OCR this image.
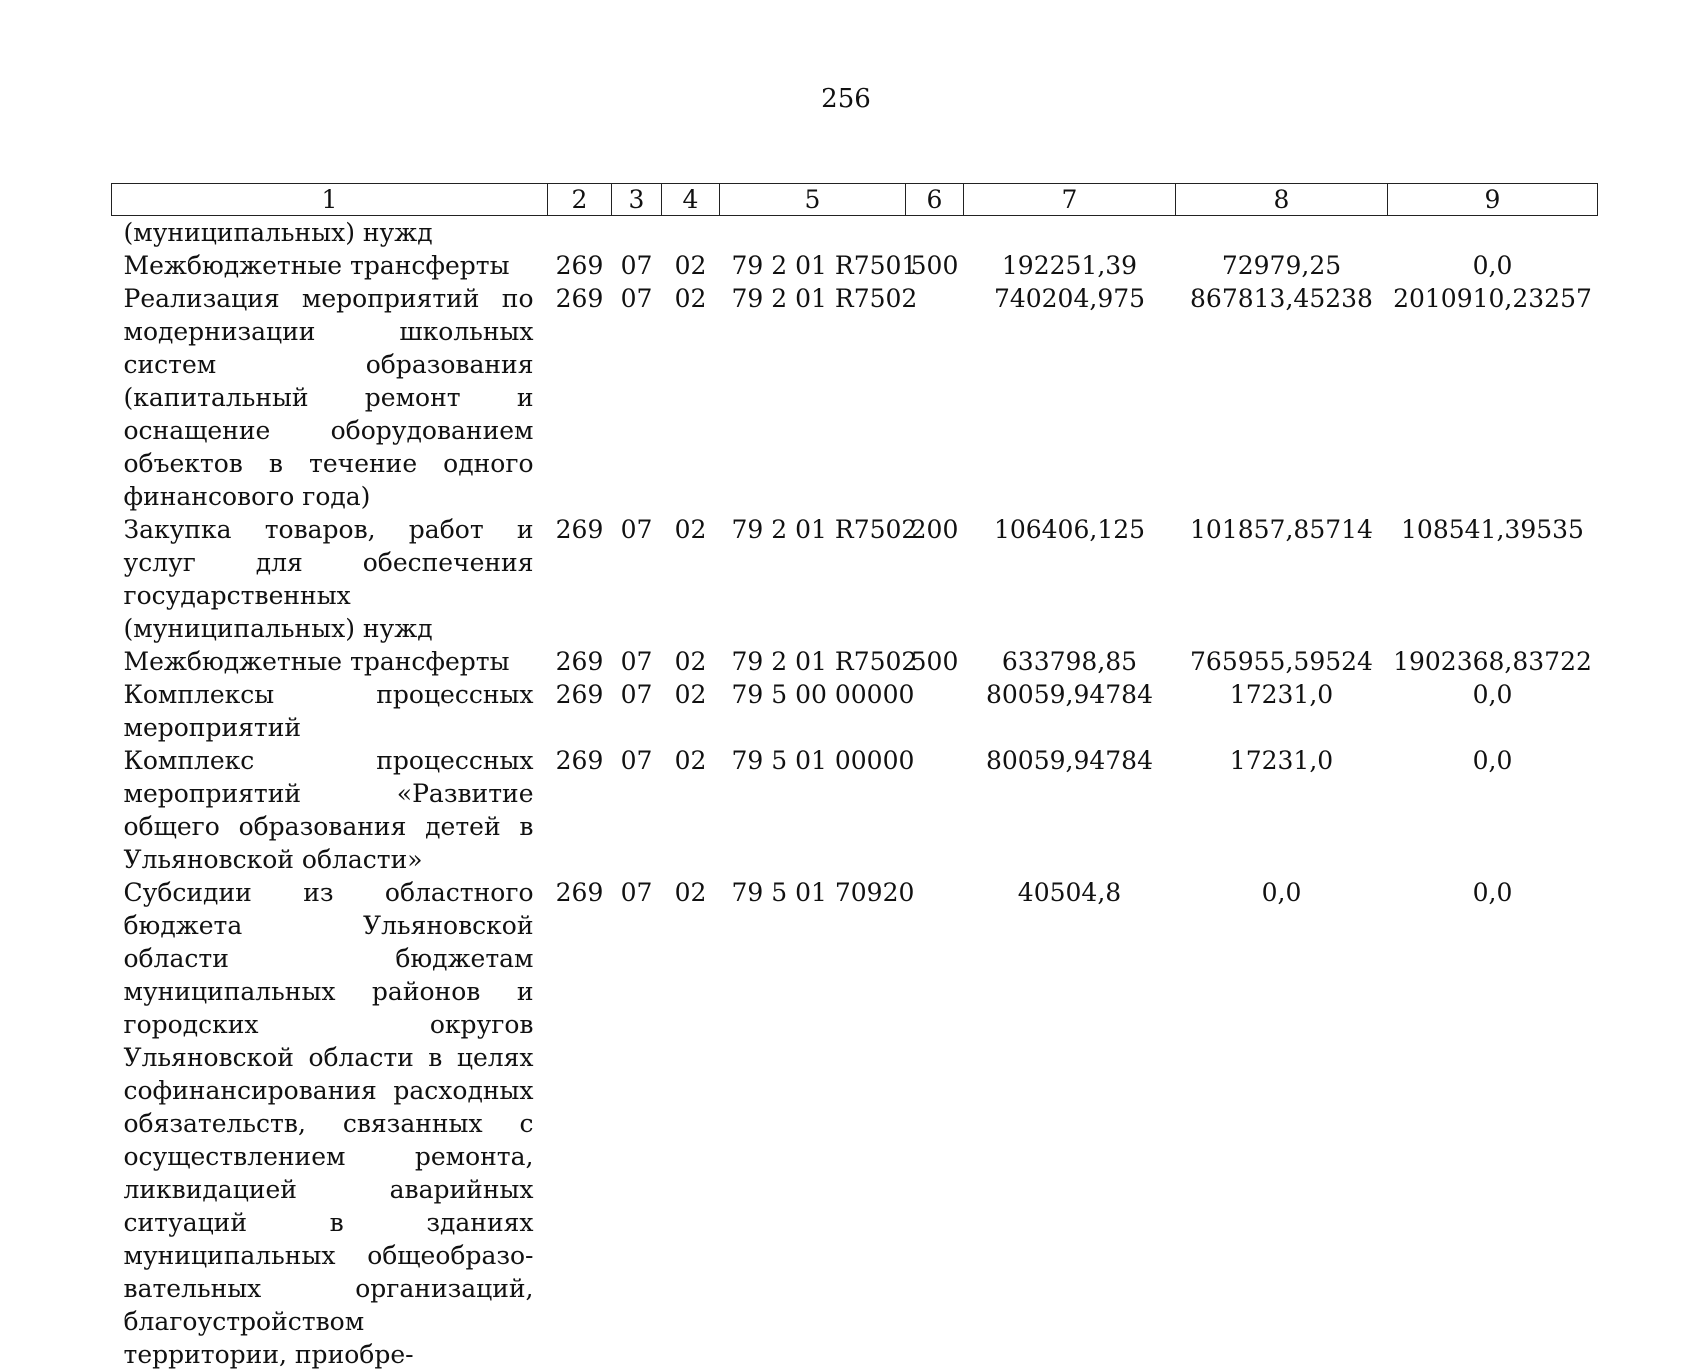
256
1	2	3	4	5	6	7	8	9
(муниципальных) нужд								
Межбюджетные трансферты	269	07	02	79 2 01 R7501	500	192251,39	72979,25	0,0
Реализация мероприятий по модернизации школьных систем образования (капитальный ремонт и оснащение оборудованием объектов в течение одного финансового года)	269	07	02	79 2 01 R7502		740204,975	867813,45238	2010910,23257
Закупка товаров, работ и услуг для обеспечения государственных (муниципальных) нужд	269	07	02	79 2 01 R7502	200	106406,125	101857,85714	108541,39535
Межбюджетные трансферты	269	07	02	79 2 01 R7502	500	633798,85	765955,59524	1902368,83722
Комплексы процессных мероприятий	269	07	02	79 5 00 00000		80059,94784	17231,0	0,0
Комплекс процессных мероприятий «Развитие общего образования детей в Ульяновской области»	269	07	02	79 5 01 00000		80059,94784	17231,0	0,0
Субсидии из областного бюджета Ульяновской области бюджетам муниципальных районов и городских округов Ульяновской области в целях софинансирования расходных обязательств, связанных с осуществлением ремонта, ликвидацией аварийных ситуаций в зданиях муниципальных общеобразовательных организаций, благоустройством территории, приобре-	269	07	02	79 5 01 70920		40504,8	0,0	0,0
